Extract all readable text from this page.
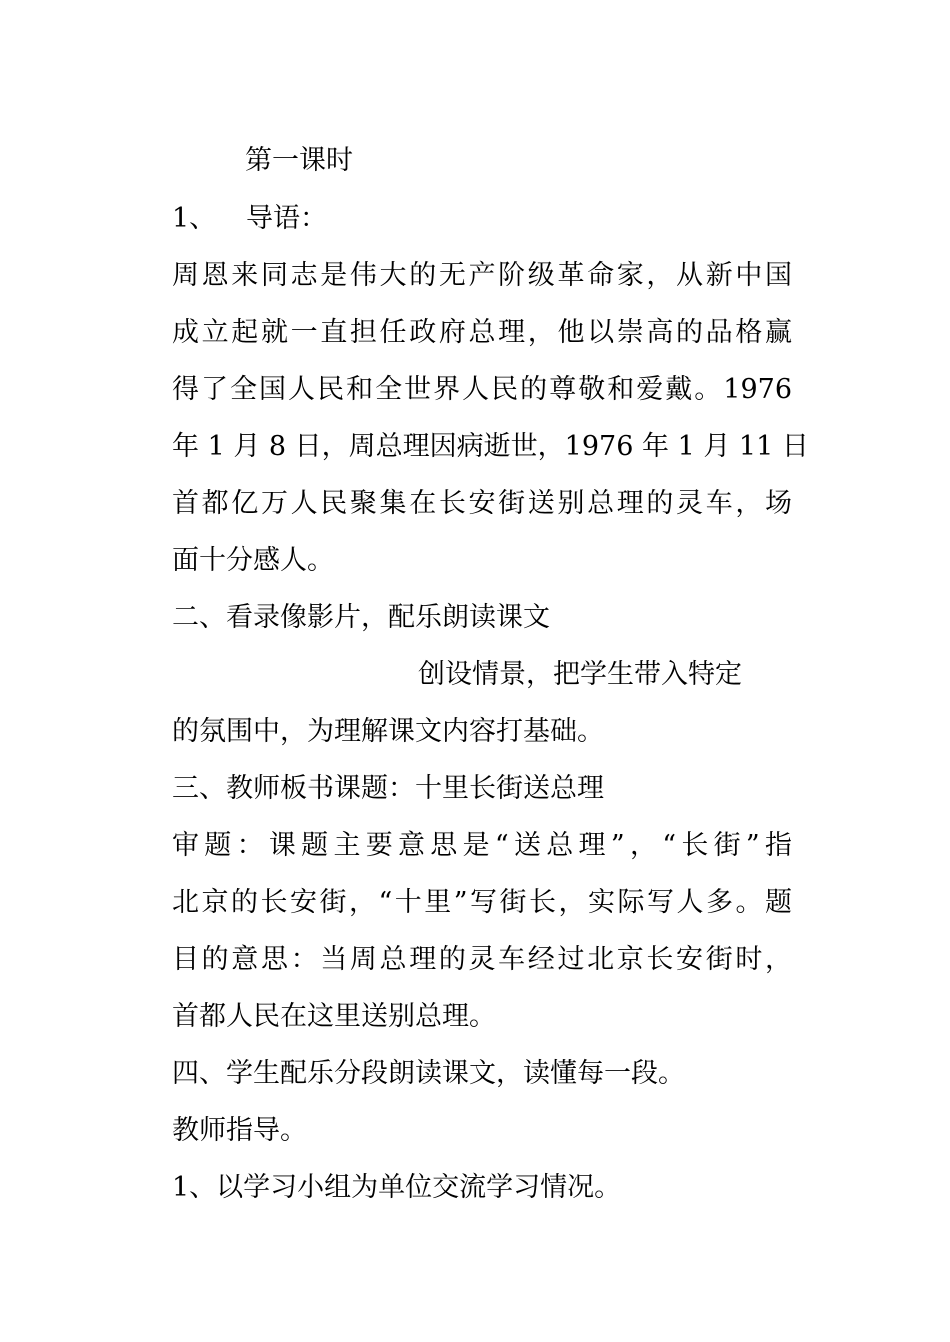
第一课时
1、 导语：
周恩来同志是伟大的无产阶级革命家，从新中国
成立起就一直担任政府总理，他以崇高的品格赢
得了全国人民和全世界人民的尊敬和爱戴。1976
年 1 月 8 日，周总理因病逝世，1976 年 1 月 11 日
首都亿万人民聚集在长安街送别总理的灵车，场
面十分感人。
二、看录像影片，配乐朗读课文
创设情景，把学生带入特定
的氛围中，为理解课文内容打基础。
三、教师板书课题：十里长街送总理
审题：课题主要意思是“送总理”，“长街”指
北京的长安街，“十里”写街长，实际写人多。题
目的意思：当周总理的灵车经过北京长安街时，
首都人民在这里送别总理。
四、学生配乐分段朗读课文，读懂每一段。
教师指导。
1、以学习小组为单位交流学习情况。
